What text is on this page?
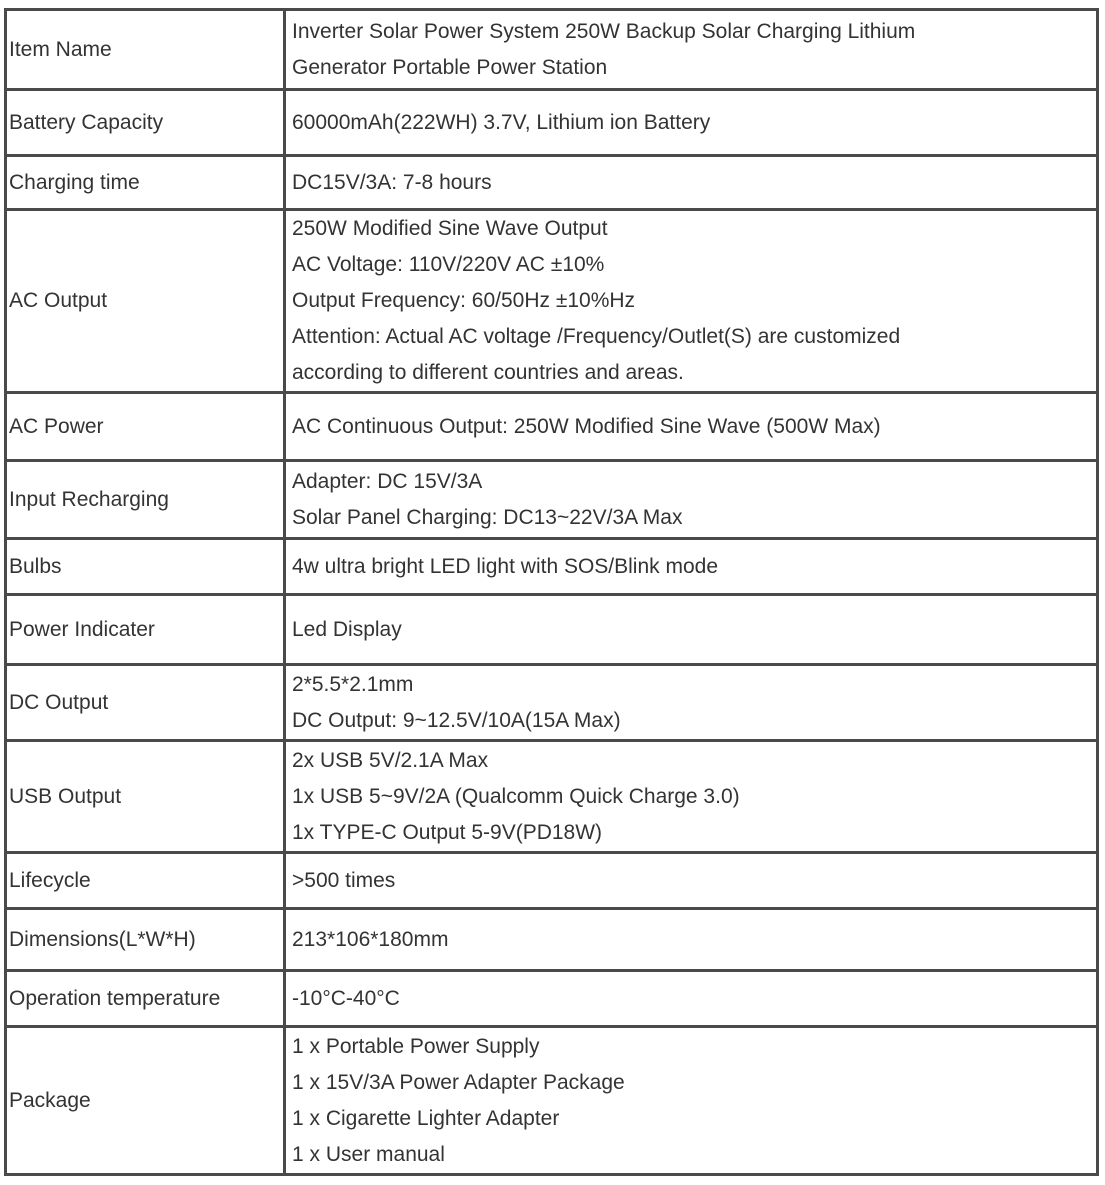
Item Name	Inverter Solar Power System 250W Backup Solar Charging Lithium
Generator Portable Power Station

Battery Capacity	60000mAh(222WH) 3.7V, Lithium ion Battery

Charging time	DC15V/3A: 7-8 hours

AC Output	250W Modified Sine Wave Output
AC Voltage: 110V/220V AC ±10%
Output Frequency: 60/50Hz ±10%Hz
Attention: Actual AC voltage /Frequency/Outlet(S) are customized
according to different countries and areas.

AC Power	AC Continuous Output: 250W Modified Sine Wave (500W Max)

Input Recharging	Adapter: DC 15V/3A
Solar Panel Charging: DC13~22V/3A Max

Bulbs	4w ultra bright LED light with SOS/Blink mode

Power Indicater	Led Display

DC Output	2*5.5*2.1mm
DC Output: 9~12.5V/10A(15A Max)

USB Output	2x USB 5V/2.1A Max
1x USB 5~9V/2A (Qualcomm Quick Charge 3.0)
1x TYPE-C Output 5-9V(PD18W)

Lifecycle	>500 times

Dimensions(L*W*H)	213*106*180mm

Operation temperature	-10°C-40°C

Package	1 x Portable Power Supply
1 x 15V/3A Power Adapter Package
1 x Cigarette Lighter Adapter
1 x User manual
